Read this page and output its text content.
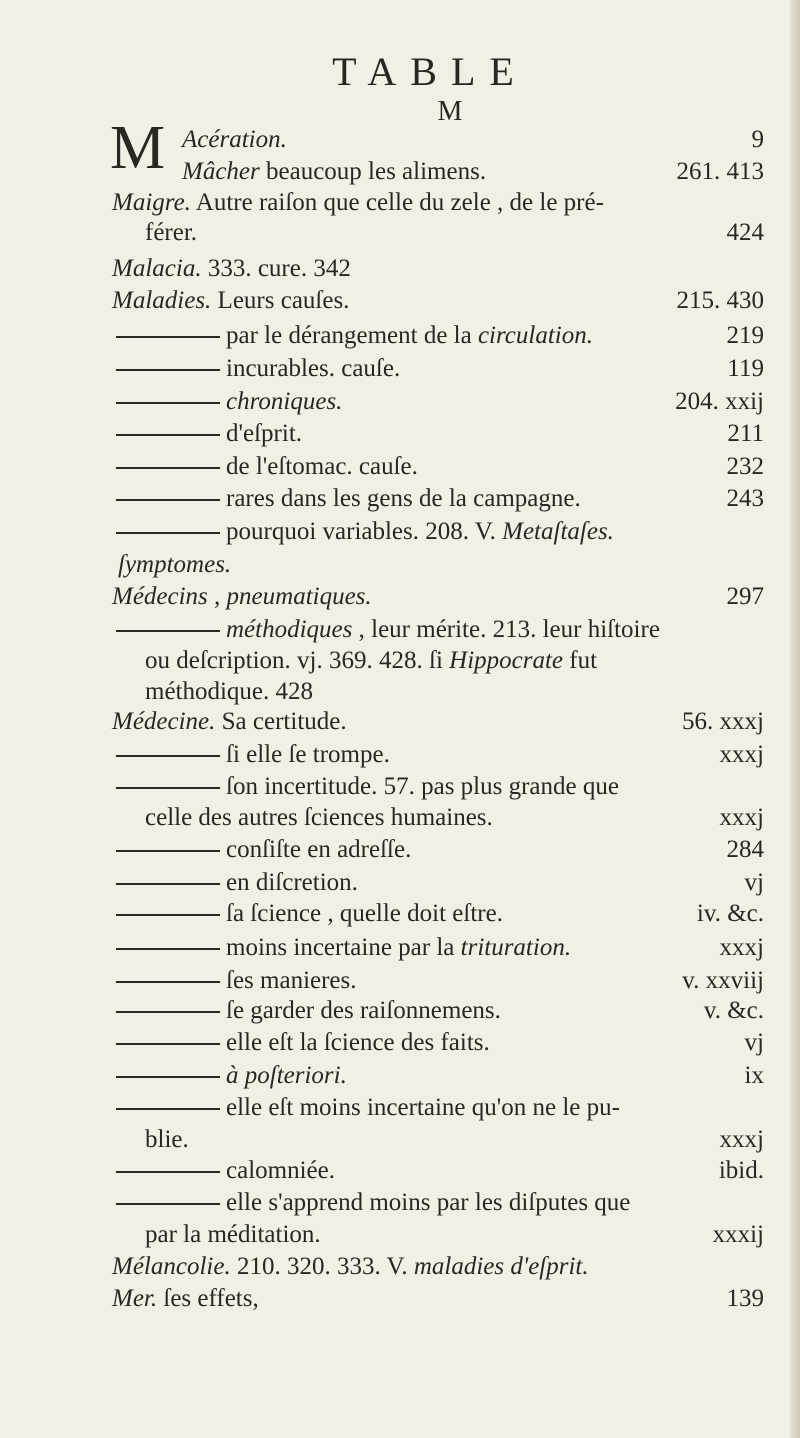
TABLE
M
M Acération.	9
Mâcher beaucoup les alimens.	261. 413
Maigre. Autre raiſon que celle du zele , de le pré-
férer.	424
Malacia. 333. cure. 342
Maladies. Leurs cauſes.	215. 430
par le dérangement de la circulation.	219
incurables. cauſe.	119
chroniques.	204. xxij
d'eſprit.	211
de l'eſtomac. cauſe.	232
rares dans les gens de la campagne.	243
pourquoi variables. 208. V. Metaſtaſes.
ſymptomes.
Médecins , pneumatiques.	297
méthodiques , leur mérite. 213. leur hiſtoire
ou deſcription. vj. 369. 428. ſi Hippocrate fut
méthodique. 428
Médecine. Sa certitude.	56. xxxj
ſi elle ſe trompe.	xxxj
ſon incertitude. 57. pas plus grande que
celle des autres ſciences humaines.	xxxj
conſiſte en adreſſe.	284
en diſcretion.	vj
ſa ſcience , quelle doit eſtre.	iv. &c.
moins incertaine par la trituration.	xxxj
ſes manieres.	v. xxviij
ſe garder des raiſonnemens.	v. &c.
elle eſt la ſcience des faits.	vj
à poſteriori.	ix
elle eſt moins incertaine qu'on ne le pu-
blie.	xxxj
calomniée.	ibid.
elle s'apprend moins par les diſputes que
par la méditation.	xxxij
Mélancolie. 210. 320. 333. V. maladies d'eſprit.
Mer. ſes effets,	139
